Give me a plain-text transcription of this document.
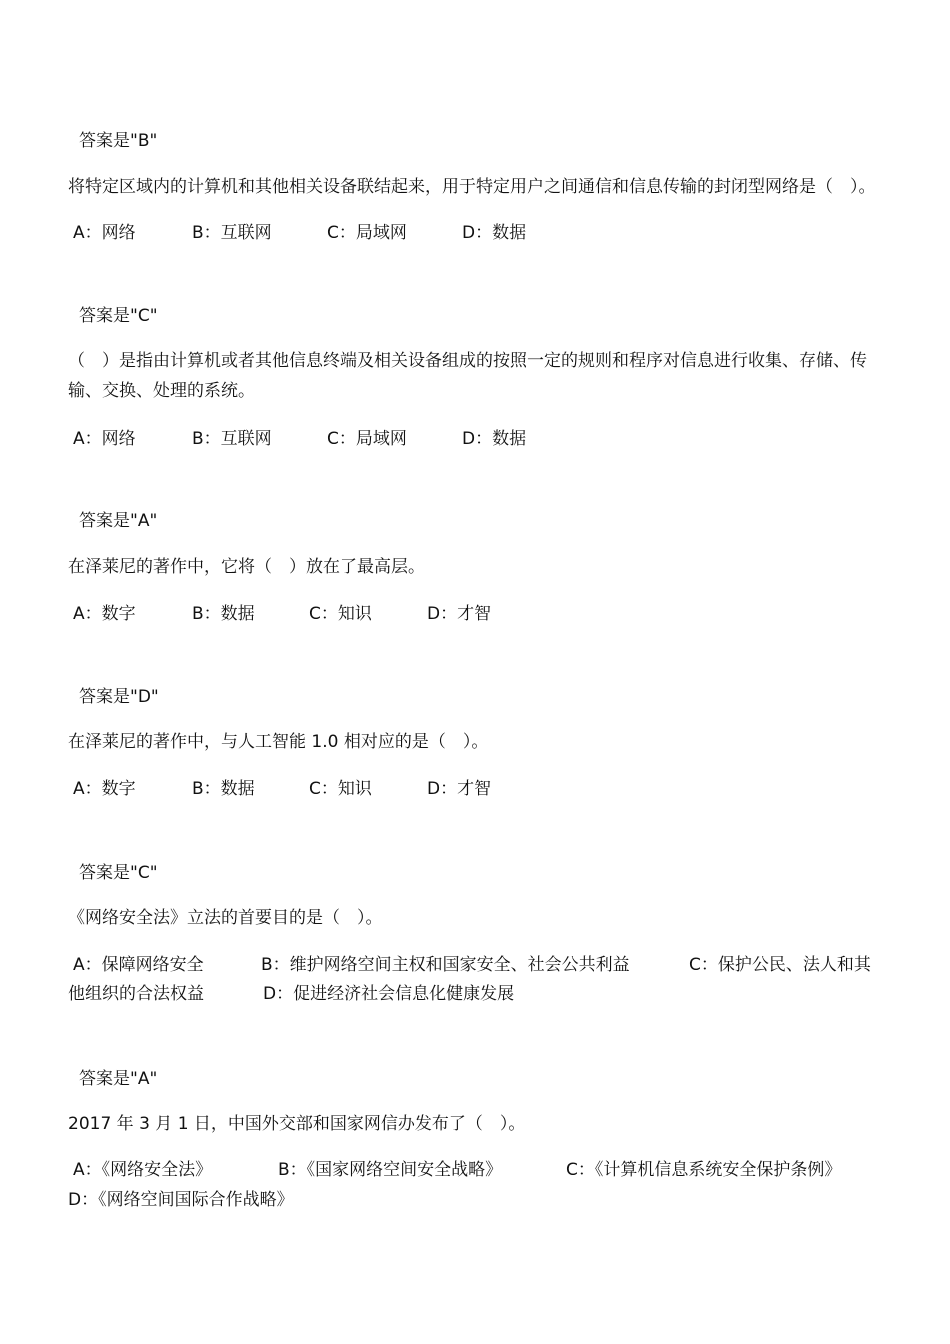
答案是"B"
将特定区域内的计算机和其他相关设备联结起来，用于特定用户之间通信和信息传输的封闭型网络是（　）。
A：网络	B：互联网	C：局域网	D：数据
答案是"C"
（　）是指由计算机或者其他信息终端及相关设备组成的按照一定的规则和程序对信息进行收集、存储、传输、交换、处理的系统。
A：网络	B：互联网	C：局域网	D：数据
答案是"A"
在泽莱尼的著作中，它将（　）放在了最高层。
A：数字	B：数据	C：知识	D：才智
答案是"D"
在泽莱尼的著作中，与人工智能 1.0 相对应的是（　）。
A：数字	B：数据	C：知识	D：才智
答案是"C"
《网络安全法》立法的首要目的是（　）。
A：保障网络安全	B：维护网络空间主权和国家安全、社会公共利益	C：保护公民、法人和其
他组织的合法权益	D：促进经济社会信息化健康发展
答案是"A"
2017 年 3 月 1 日，中国外交部和国家网信办发布了（　）。
A：《网络安全法》	B：《国家网络空间安全战略》	C：《计算机信息系统安全保护条例》
D：《网络空间国际合作战略》
